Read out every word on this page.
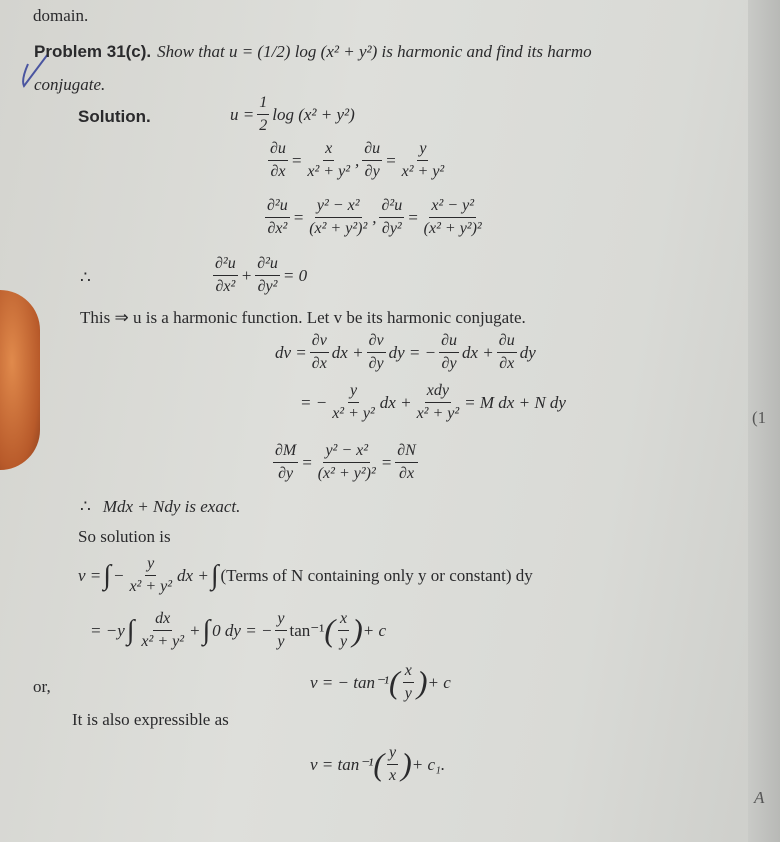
domain.
Problem 31(c). Show that u = (1/2) log (x² + y²) is harmonic and find its harmo
conjugate.
Solution.	$u = \frac{1}{2}$ log (x² + y²)
$\frac{\partial u}{\partial x} = \frac{x}{\text{x² + y²}}$ , $\frac{\partial u}{\partial y} = \frac{y}{\text{x² + y²}}$
$\frac{\text{∂²u}}{\text{∂x²}} = \frac{\text{y² − x²}}{\text{(x² + y²)²}}$ , $\frac{\text{∂²u}}{\text{∂y²}} = \frac{\text{x² − y²}}{\text{(x² + y²)²}}$
∴	$\frac{\text{∂²u}}{\text{∂x²}} + \frac{\text{∂²u}}{\text{∂y²}} = 0$
This ⇒ u is a harmonic function. Let v be its harmonic conjugate.
dv = $\frac{\partial v}{\partial x}$ dx + $\frac{\partial v}{\partial y}$ dy = − $\frac{\partial u}{\partial y}$ dx + $\frac{\partial u}{\partial x}$ dy
= − $\frac{y}{\text{x² + y²}}$ dx + $\frac{\text{xdy}}{\text{x² + y²}} = M$ dx + N dy
(1
$\frac{\partial M}{\partial y} = \frac{\text{y² − x²}}{\text{(x² + y²)²}} = \frac{\partial N}{\partial x}$
∴ Mdx + Ndy is exact.
So solution is
v = ∫ − $\frac{y}{\text{x² + y²}}$ dx + ∫ (Terms of N containing only y or constant) dy
= −y ∫ $\frac{dx}{\text{x² + y²}}$ + ∫ 0 dy = − $\frac{y}{y} \tan^{-1}$ ( $\frac{x}{y}$ ) + c
or,	v = − tan⁻¹ ( $\frac{x}{y}$ ) + c
It is also expressible as
v = tan⁻¹ ( $\frac{y}{x}$ ) + c₁.
A
